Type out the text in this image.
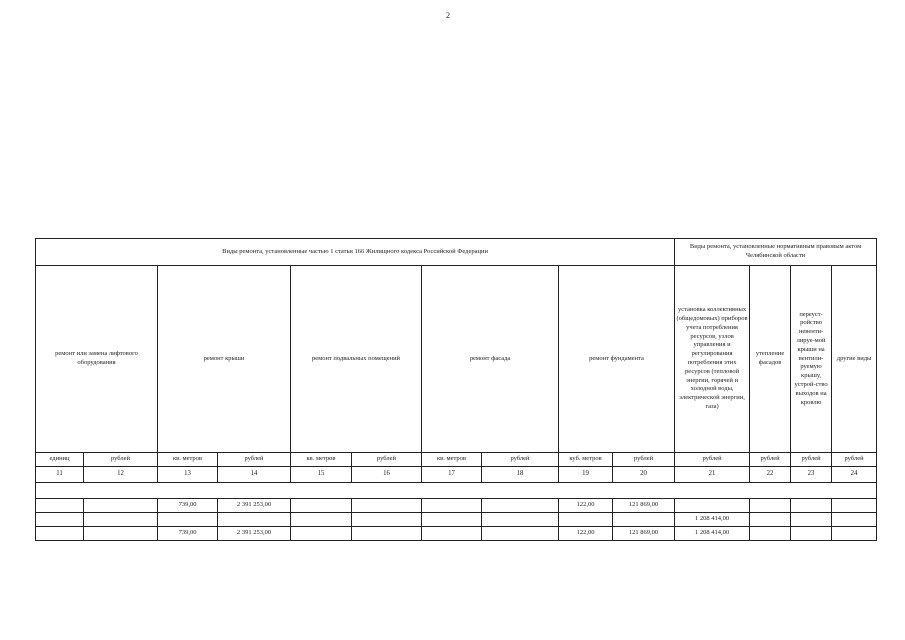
2
Виды ремонта, установленные частью 1 статьи 166 Жилищного кодекса Российской Федерации										Виды ремонта, установленные нормативным правовым актом Челябинской области			
ремонт или замена лифтового оборудования		ремонт крыши		ремонт подвальных помещений		ремонт фасада		ремонт фундамента		установка коллективных (общедомовых) приборов учета потребления ресурсов, узлов управления и регулирования потребления этих ресурсов (тепловой энергии, горячей и холодной воды, электрической энергии, газа)	утепление фасадов	переуст-ройство невенти-лируе-мой крыши на вентили-руемую крышу, устрой-ство выходов на кровлю	другие виды
единиц	рублей	кв. метров	рублей	кв. метров	рублей	кв. метров	рублей	куб. метров	рублей	рублей	рублей	рублей	рублей
11	12	13	14	15	16	17	18	19	20	21	22	23	24

		739,00	2 391 253,00					122,00	121 869,00				
										1 208 414,00			
		739,00	2 391 253,00					122,00	121 869,00	1 208 414,00			
